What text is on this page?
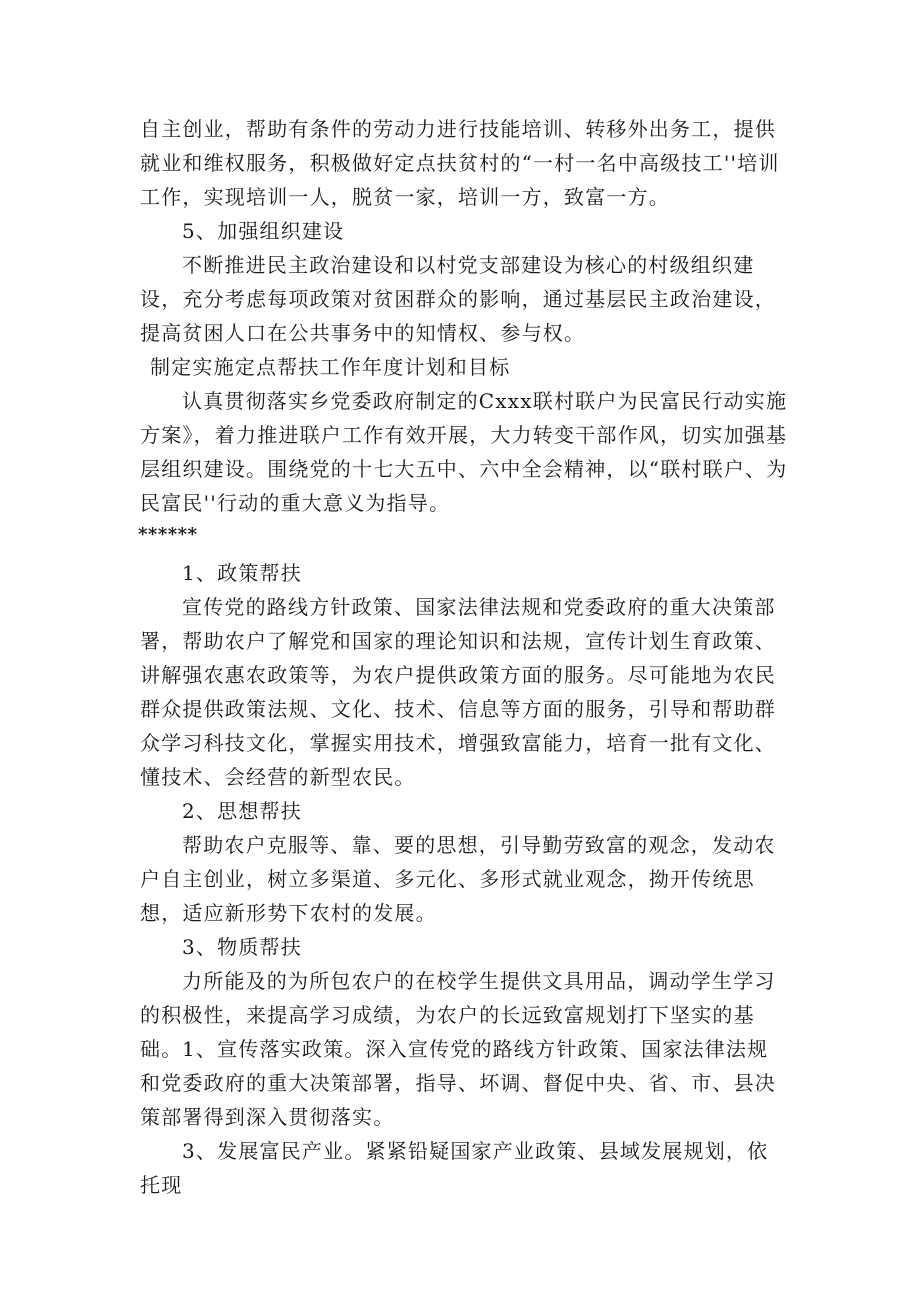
自主创业，帮助有条件的劳动力进行技能培训、转移外出务工，提供就业和维权服务，积极做好定点扶贫村的“一村一名中高级技工''培训工作，实现培训一人，脱贫一家，培训一方，致富一方。

5、加强组织建设

不断推进民主政治建设和以村党支部建设为核心的村级组织建设，充分考虑每项政策对贫困群众的影响，通过基层民主政治建设，提高贫困人口在公共事务中的知情权、参与权。

制定实施定点帮扶工作年度计划和目标

认真贯彻落实乡党委政府制定的Cxxx联村联户为民富民行动实施方案》，着力推进联户工作有效开展，大力转变干部作风，切实加强基层组织建设。围绕党的十七大五中、六中全会精神，以“联村联户、为民富民''行动的重大意义为指导。

******

1、政策帮扶

宣传党的路线方针政策、国家法律法规和党委政府的重大决策部署，帮助农户了解党和国家的理论知识和法规，宣传计划生育政策、讲解强农惠农政策等，为农户提供政策方面的服务。尽可能地为农民群众提供政策法规、文化、技术、信息等方面的服务，引导和帮助群众学习科技文化，掌握实用技术，增强致富能力，培育一批有文化、懂技术、会经营的新型农民。

2、思想帮扶

帮助农户克服等、靠、要的思想，引导勤劳致富的观念，发动农户自主创业，树立多渠道、多元化、多形式就业观念，拗开传统思想，适应新形势下农村的发展。

3、物质帮扶

力所能及的为所包农户的在校学生提供文具用品，调动学生学习的积极性，来提高学习成绩，为农户的长远致富规划打下坚实的基础。 1、宣传落实政策。深入宣传党的路线方针政策、国家法律法规和党委政府的重大决策部署，指导、坏调、督促中央、省、市、县决策部署得到深入贯彻落实。

3、发展富民产业。紧紧铅疑国家产业政策、县域发展规划，依托现
